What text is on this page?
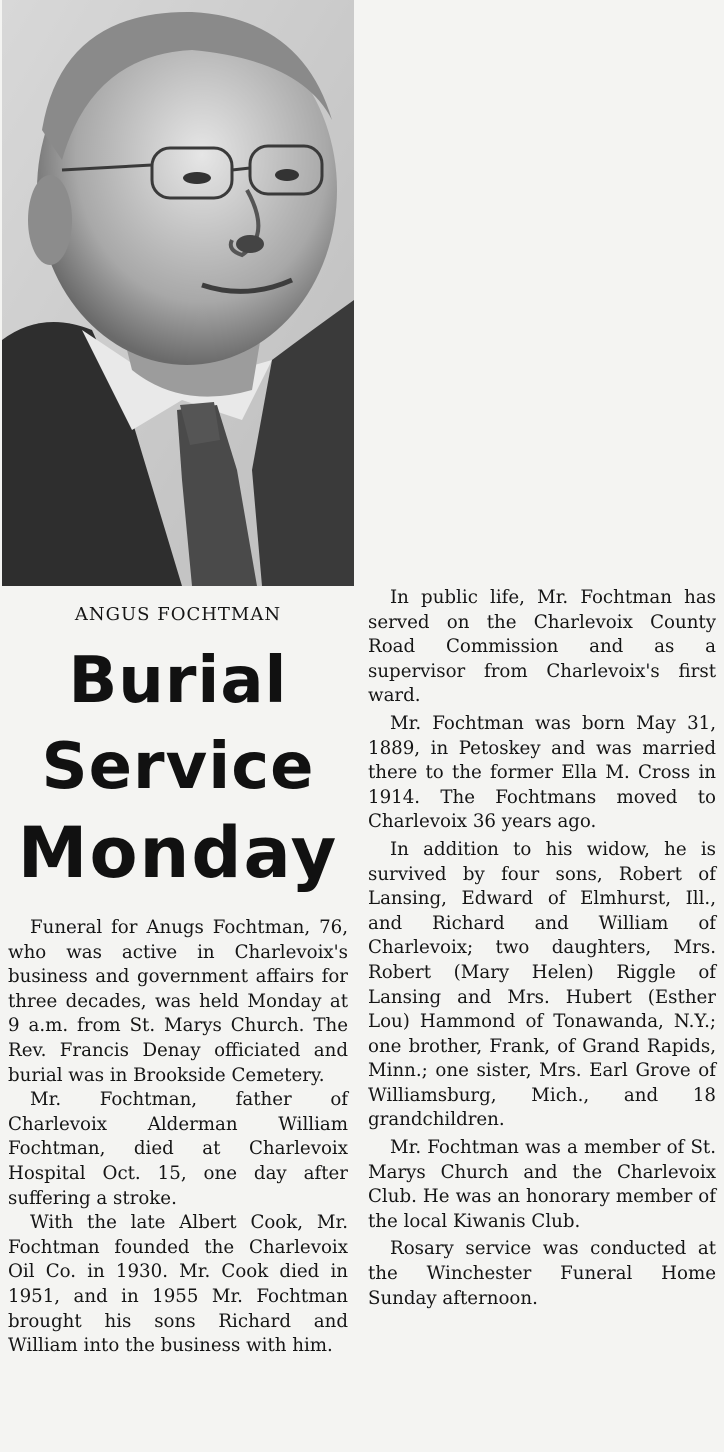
ANGUS FOCHTMAN
Burial
Service
Monday

Funeral for Anugs Fochtman, 76, who was active in Charlevoix's business and government affairs for three decades, was held Monday at 9 a.m. from St. Marys Church. The Rev. Francis Denay officiated and burial was in Brookside Cemetery.

Mr. Fochtman, father of Charlevoix Alderman William Fochtman, died at Charlevoix Hospital Oct. 15, one day after suffering a stroke.

With the late Albert Cook, Mr. Fochtman founded the Charlevoix Oil Co. in 1930. Mr. Cook died in 1951, and in 1955 Mr. Fochtman brought his sons Richard and William into the business with him.

In public life, Mr. Fochtman has served on the Charlevoix County Road Commission and as a supervisor from Charlevoix's first ward.

Mr. Fochtman was born May 31, 1889, in Petoskey and was married there to the former Ella M. Cross in 1914. The Fochtmans moved to Charlevoix 36 years ago.

In addition to his widow, he is survived by four sons, Robert of Lansing, Edward of Elmhurst, Ill., and Richard and William of Charlevoix; two daughters, Mrs. Robert (Mary Helen) Riggle of Lansing and Mrs. Hubert (Esther Lou) Hammond of Tonawanda, N.Y.; one brother, Frank, of Grand Rapids, Minn.; one sister, Mrs. Earl Grove of Williamsburg, Mich., and 18 grandchildren.

Mr. Fochtman was a member of St. Marys Church and the Charlevoix Club. He was an honorary member of the local Kiwanis Club.

Rosary service was conducted at the Winchester Funeral Home Sunday afternoon.
